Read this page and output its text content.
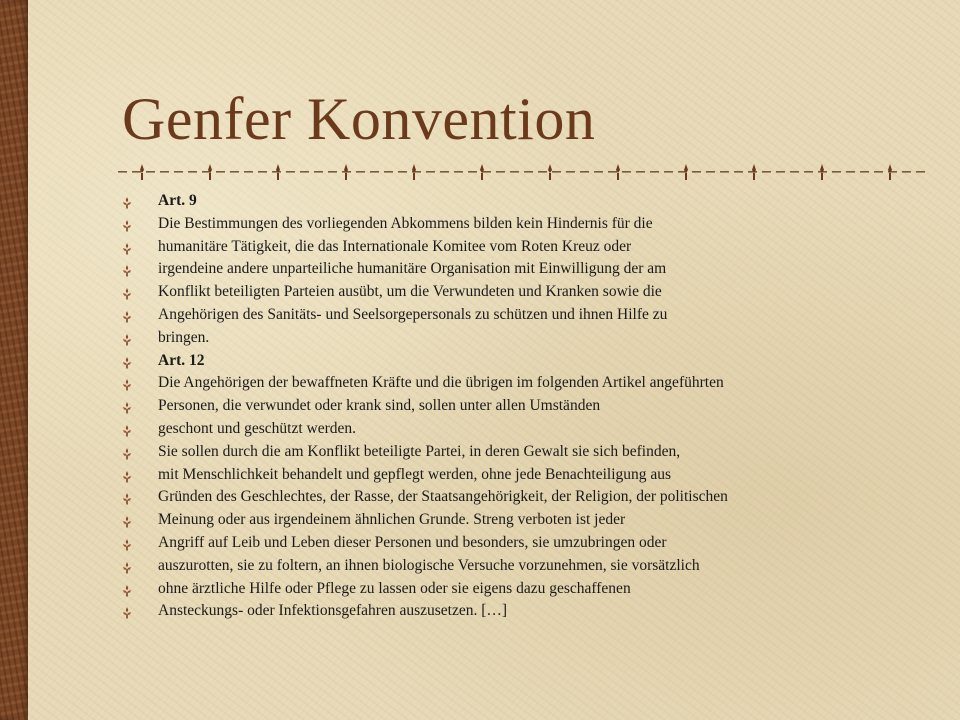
Genfer Konvention
Art. 9
Die Bestimmungen des vorliegenden Abkommens bilden kein Hindernis für die
humanitäre Tätigkeit, die das Internationale Komitee vom Roten Kreuz oder
irgendeine andere unparteiliche humanitäre Organisation mit Einwilligung der am
Konflikt beteiligten Parteien ausübt, um die Verwundeten und Kranken sowie die
Angehörigen des Sanitäts- und Seelsorgepersonals zu schützen und ihnen Hilfe zu
bringen.
Art. 12
Die Angehörigen der bewaffneten Kräfte und die übrigen im folgenden Artikel angeführten
Personen, die verwundet oder krank sind, sollen unter allen Umständen
geschont und geschützt werden.
Sie sollen durch die am Konflikt beteiligte Partei, in deren Gewalt sie sich befinden,
mit Menschlichkeit behandelt und gepflegt werden, ohne jede Benachteiligung aus
Gründen des Geschlechtes, der Rasse, der Staatsangehörigkeit, der Religion, der politischen
Meinung oder aus irgendeinem ähnlichen Grunde. Streng verboten ist jeder
Angriff auf Leib und Leben dieser Personen und besonders, sie umzubringen oder
auszurotten, sie zu foltern, an ihnen biologische Versuche vorzunehmen, sie vorsätzlich
ohne ärztliche Hilfe oder Pflege zu lassen oder sie eigens dazu geschaffenen
Ansteckungs- oder Infektionsgefahren auszusetzen. […]
